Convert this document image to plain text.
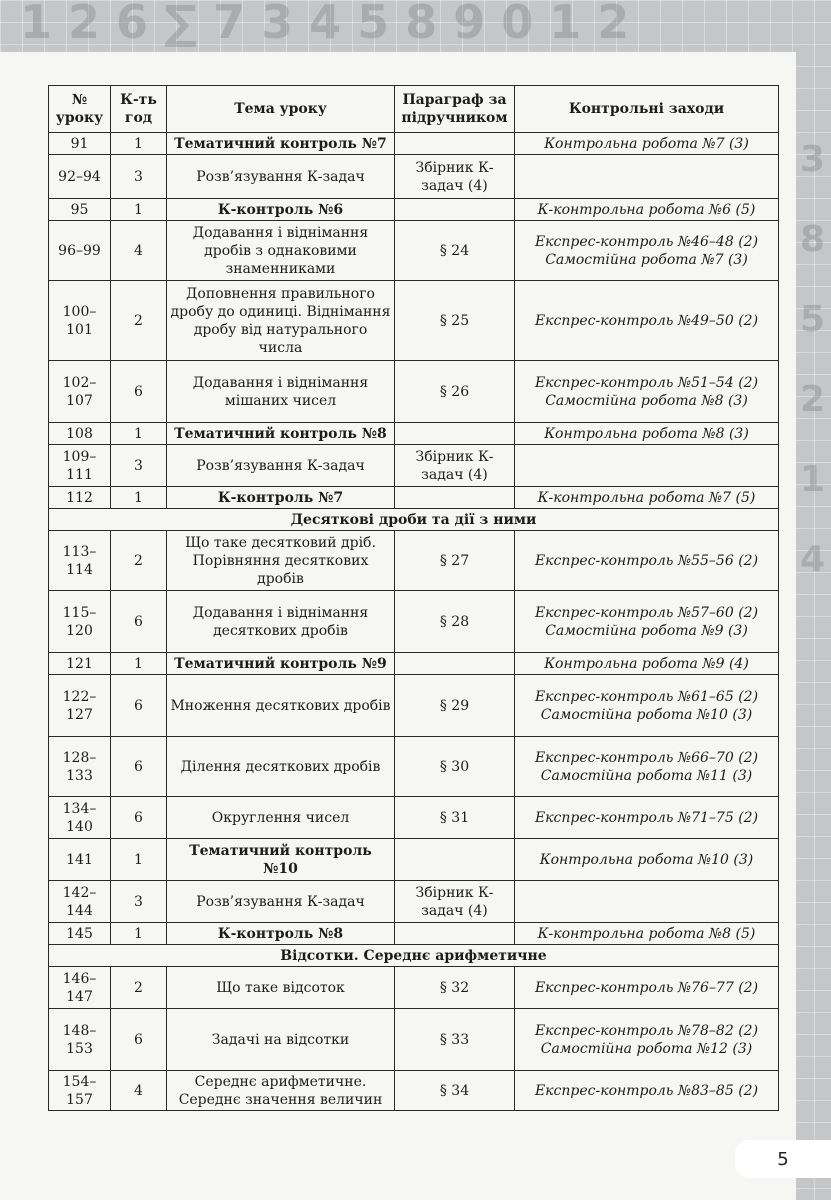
1 2 6 ∑ 7 3 4 5 8 9 0 1 2
3
8
5
2
1
4
№ уроку	К-ть год	Тема уроку	Параграф за підручником	Контрольні заходи
91	1	Тематичний контроль №7		Контрольна робота №7 (3)

92–94	3	Розв’язування К-задач	Збірник К-задач (4)	
95	1	К-контроль №6		К-контрольна робота №6 (5)

96–99	4	Додавання і віднімання дробів з однаковими знаменниками	§ 24	Експрес-контроль №46–48 (2)
Самостійна робота №7 (3)

100–101	2	Доповнення правильного дробу до одиниці. Віднімання дробу від натурального числа	§ 25	Експрес-контроль №49–50 (2)

102–107	6	Додавання і віднімання мішаних чисел	§ 26	Експрес-контроль №51–54 (2)
Самостійна робота №8 (3)

108	1	Тематичний контроль №8		Контрольна робота №8 (3)

109–111	3	Розв’язування К-задач	Збірник К-задач (4)	
112	1	К-контроль №7		К-контрольна робота №7 (5)

Десяткові дроби та дії з ними				
113–114	2	Що таке десятковий дріб. Порівняння десяткових дробів	§ 27	Експрес-контроль №55–56 (2)

115–120	6	Додавання і віднімання десяткових дробів	§ 28	Експрес-контроль №57–60 (2)
Самостійна робота №9 (3)

121	1	Тематичний контроль №9		Контрольна робота №9 (4)

122–127	6	Множення десяткових дробів	§ 29	Експрес-контроль №61–65 (2)
Самостійна робота №10 (3)

128–133	6	Ділення десяткових дробів	§ 30	Експрес-контроль №66–70 (2)
Самостійна робота №11 (3)

134–140	6	Округлення чисел	§ 31	Експрес-контроль №71–75 (2)

141	1	Тематичний контроль №10		Контрольна робота №10 (3)

142–144	3	Розв’язування К-задач	Збірник К-задач (4)	
145	1	К-контроль №8		К-контрольна робота №8 (5)

Відсотки. Середнє арифметичне				
146–147	2	Що таке відсоток	§ 32	Експрес-контроль №76–77 (2)

148–153	6	Задачі на відсотки	§ 33	Експрес-контроль №78–82 (2)
Самостійна робота №12 (3)

154–157	4	Середнє арифметичне. Середнє значення величин	§ 34	Експрес-контроль №83–85 (2)
5
